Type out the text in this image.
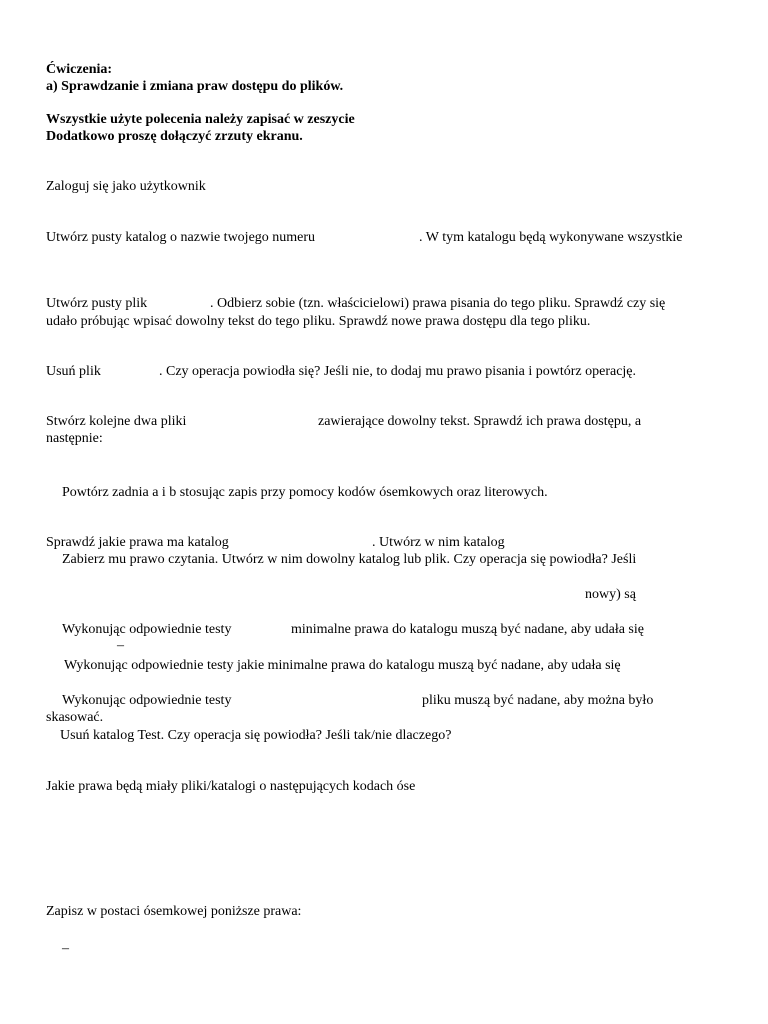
Ćwiczenia:
a) Sprawdzanie i zmiana praw dostępu do plików.
Wszystkie użyte polecenia należy zapisać w zeszycie
Dodatkowo proszę dołączyć zrzuty ekranu.
Zaloguj się jako użytkownik
Utwórz pusty katalog o nazwie twojego numeru	. W tym katalogu będą wykonywane wszystkie
Utwórz pusty plik	. Odbierz sobie (tzn. właścicielowi) prawa pisania do tego pliku. Sprawdź czy się
udało próbując wpisać dowolny tekst do tego pliku. Sprawdź nowe prawa dostępu dla tego pliku.
Usuń plik	. Czy operacja powiodła się? Jeśli nie, to dodaj mu prawo pisania i powtórz operację.
Stwórz kolejne dwa pliki	zawierające dowolny tekst. Sprawdź ich prawa dostępu, a
następnie:
Powtórz zadnia a i b stosując zapis przy pomocy kodów ósemkowych oraz literowych.
Sprawdź jakie prawa ma katalog	. Utwórz w nim katalog
Zabierz mu prawo czytania. Utwórz w nim dowolny katalog lub plik. Czy operacja się powiodła? Jeśli
nowy) są
Wykonując odpowiednie testy	minimalne prawa do katalogu muszą być nadane, aby udała się
–
Wykonując odpowiednie testy jakie minimalne prawa do katalogu muszą być nadane, aby udała się
Wykonując odpowiednie testy	pliku muszą być nadane, aby można było
skasować.
Usuń katalog Test. Czy operacja się powiodła? Jeśli tak/nie dlaczego?
Jakie prawa będą miały pliki/katalogi o następujących kodach óse
Zapisz w postaci ósemkowej poniższe prawa:
–
